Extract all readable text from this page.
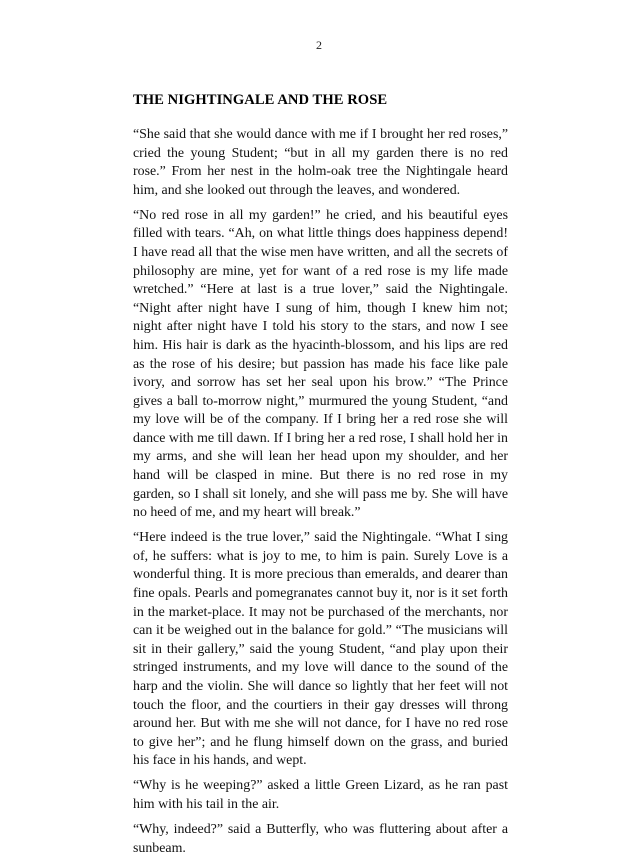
2
THE NIGHTINGALE AND THE ROSE

“She said that she would dance with me if I brought her red roses,” cried the young Student; “but in all my garden there is no red rose.” From her nest in the holm-oak tree the Nightingale heard him, and she looked out through the leaves, and wondered.

“No red rose in all my garden!” he cried, and his beautiful eyes filled with tears. “Ah, on what little things does happiness depend! I have read all that the wise men have written, and all the secrets of philosophy are mine, yet for want of a red rose is my life made wretched.” “Here at last is a true lover,” said the Nightingale. “Night after night have I sung of him, though I knew him not; night after night have I told his story to the stars, and now I see him. His hair is dark as the hyacinth-blossom, and his lips are red as the rose of his desire; but passion has made his face like pale ivory, and sorrow has set her seal upon his brow.” “The Prince gives a ball to-morrow night,” murmured the young Student, “and my love will be of the company. If I bring her a red rose she will dance with me till dawn. If I bring her a red rose, I shall hold her in my arms, and she will lean her head upon my shoulder, and her hand will be clasped in mine. But there is no red rose in my garden, so I shall sit lonely, and she will pass me by. She will have no heed of me, and my heart will break.”

“Here indeed is the true lover,” said the Nightingale. “What I sing of, he suffers: what is joy to me, to him is pain. Surely Love is a wonderful thing. It is more precious than emeralds, and dearer than fine opals. Pearls and pomegranates cannot buy it, nor is it set forth in the market-place. It may not be purchased of the merchants, nor can it be weighed out in the balance for gold.” “The musicians will sit in their gallery,” said the young Student, “and play upon their stringed instruments, and my love will dance to the sound of the harp and the violin. She will dance so lightly that her feet will not touch the floor, and the courtiers in their gay dresses will throng around her. But with me she will not dance, for I have no red rose to give her”; and he flung himself down on the grass, and buried his face in his hands, and wept.

“Why is he weeping?” asked a little Green Lizard, as he ran past him with his tail in the air.

“Why, indeed?” said a Butterfly, who was fluttering about after a sunbeam.
